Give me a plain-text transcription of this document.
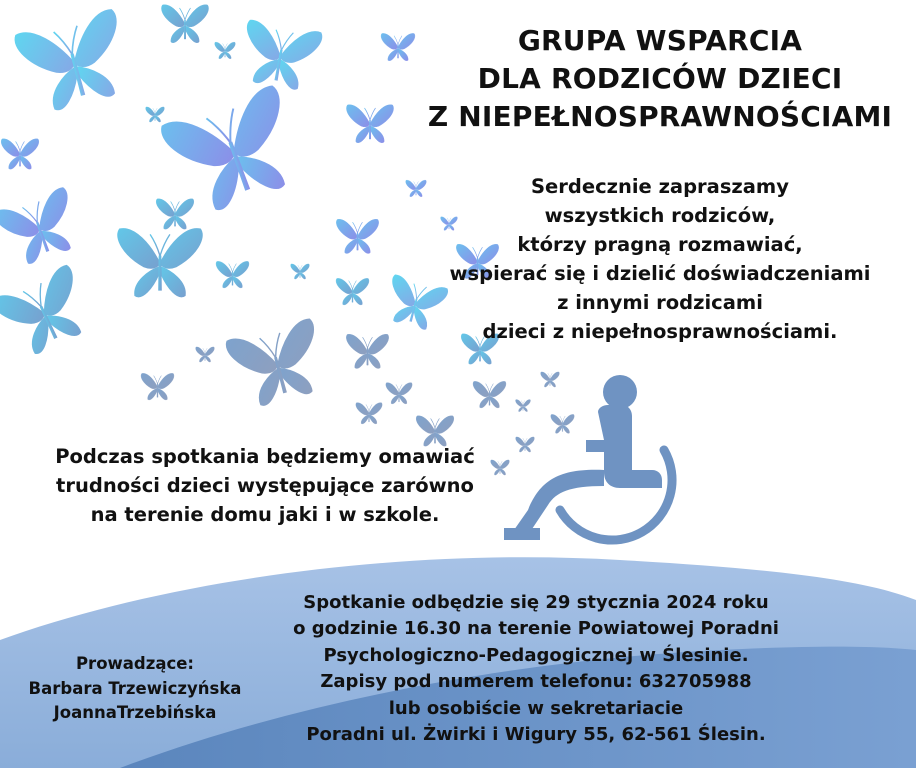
GRUPA WSPARCIA
DLA RODZICÓW DZIECI
Z NIEPEŁNOSPRAWNOŚCIAMI
Serdecznie zapraszamy
wszystkich rodziców,
którzy pragną rozmawiać,
wspierać się i dzielić doświadczeniami
z innymi rodzicami
dzieci z niepełnosprawnościami.
Podczas spotkania będziemy omawiać
trudności dzieci występujące zarówno
na terenie domu jaki i w szkole.
Spotkanie odbędzie się 29 stycznia 2024 roku
o godzinie 16.30 na terenie Powiatowej Poradni
Psychologiczno-Pedagogicznej w Ślesinie.
Zapisy pod numerem telefonu: 632705988
lub osobiście w sekretariacie
Poradni ul. Żwirki i Wigury 55, 62-561 Ślesin.
Prowadzące:
Barbara Trzewiczyńska
JoannaTrzebińska
